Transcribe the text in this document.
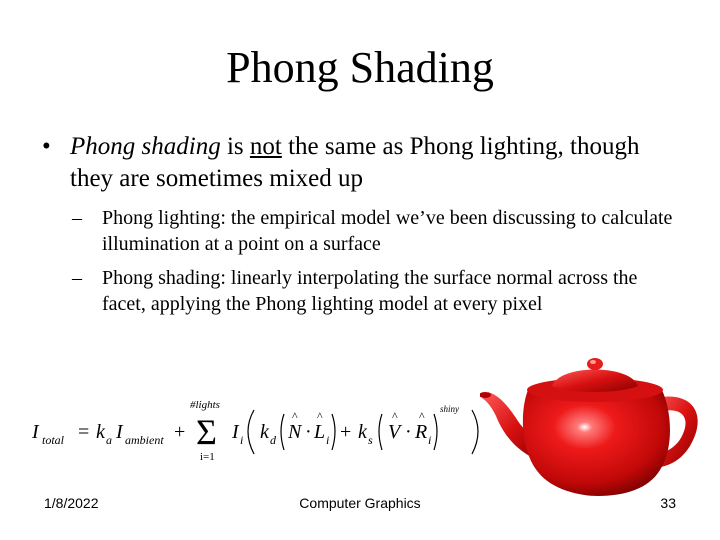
Phong Shading
• Phong shading is not the same as Phong lighting, though they are sometimes mixed up
– Phong lighting: the empirical model we’ve been discussing to calculate illumination at a point on a surface
– Phong shading: linearly interpolating the surface normal across the facet, applying the Phong lighting model at every pixel
I total = k a I ambient +
#lights
Σ
i=1
I i k d N
^
· L
^
i + k s V
^
· R
^
i
shiny
1/8/2022	Computer Graphics	33
